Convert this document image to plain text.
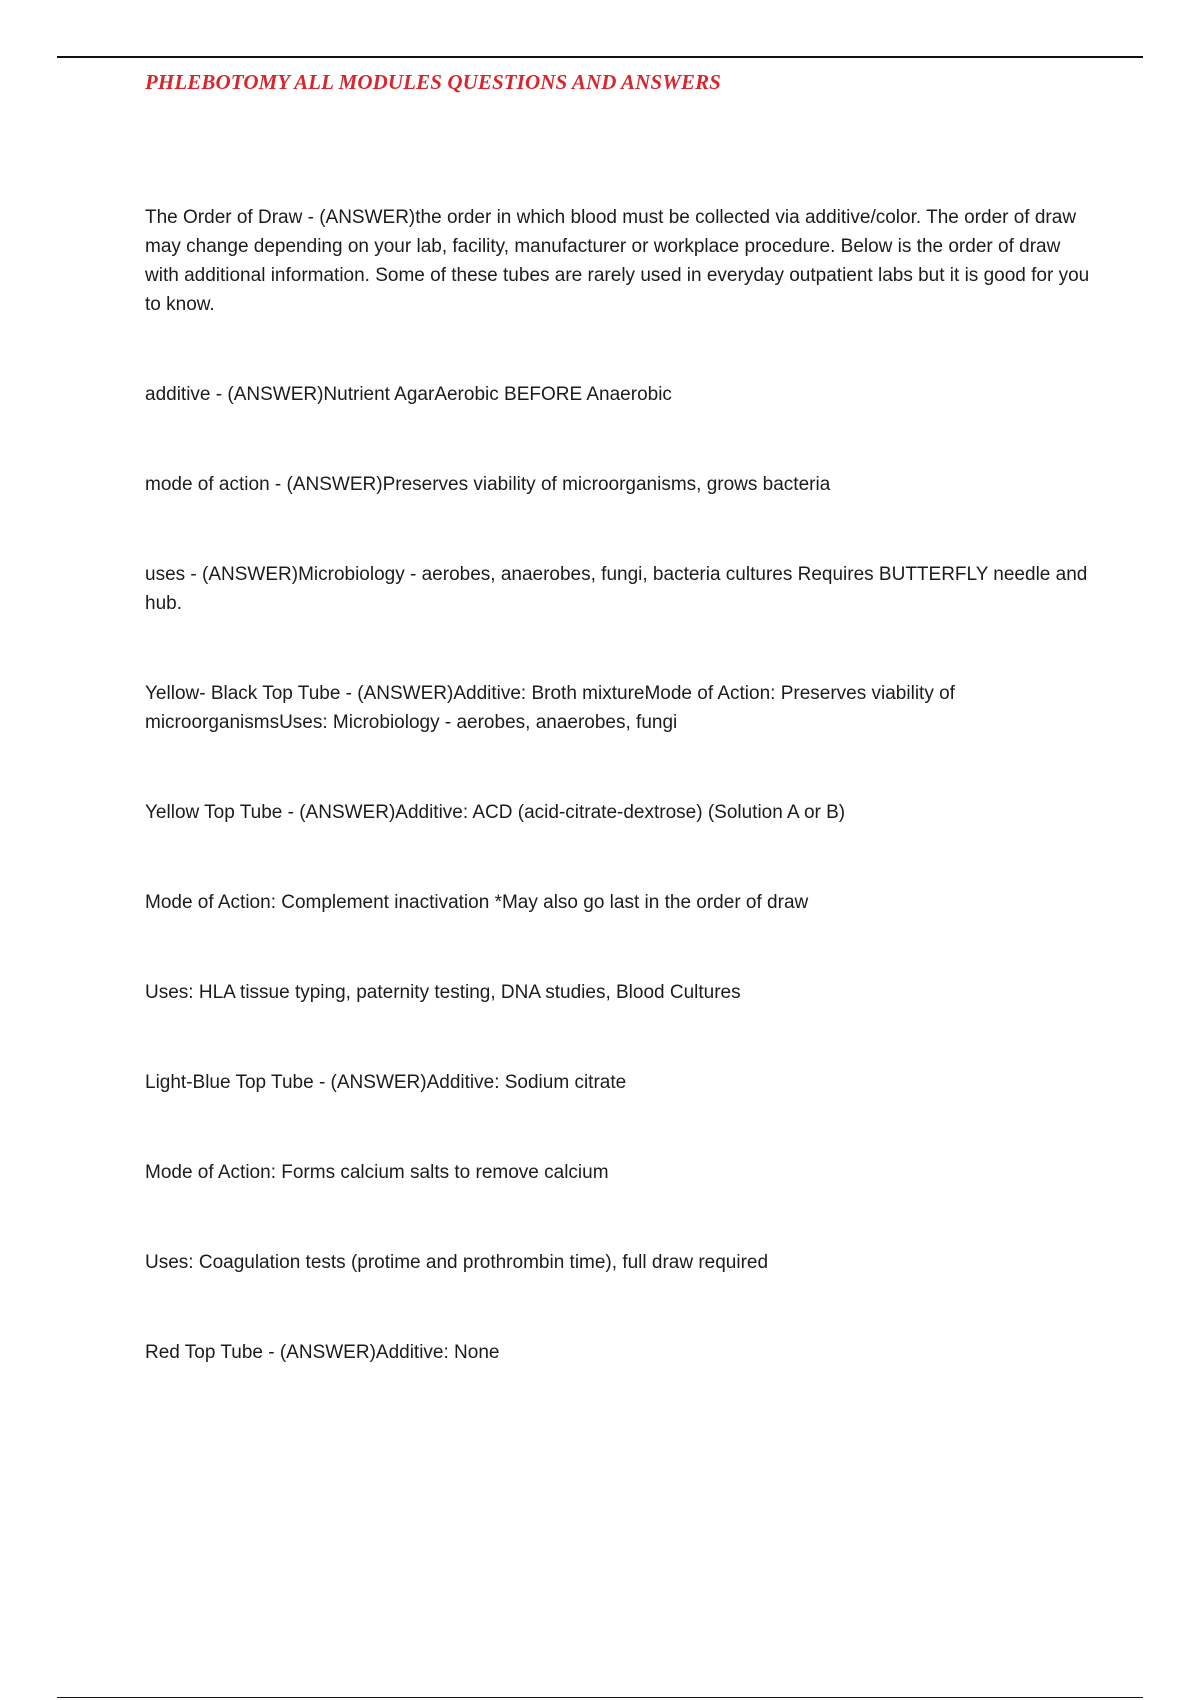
PHLEBOTOMY ALL MODULES QUESTIONS AND ANSWERS
The Order of Draw - (ANSWER)the order in which blood must be collected via additive/color. The order of draw may change depending on your lab, facility, manufacturer or workplace procedure. Below is the order of draw with additional information. Some of these tubes are rarely used in everyday outpatient labs but it is good for you to know.
additive - (ANSWER)Nutrient AgarAerobic BEFORE Anaerobic
mode of action - (ANSWER)Preserves viability of microorganisms, grows bacteria
uses - (ANSWER)Microbiology - aerobes, anaerobes, fungi, bacteria cultures Requires BUTTERFLY needle and hub.
Yellow- Black Top Tube - (ANSWER)Additive: Broth mixtureMode of Action: Preserves viability of microorganismsUses: Microbiology - aerobes, anaerobes, fungi
Yellow Top Tube - (ANSWER)Additive: ACD (acid-citrate-dextrose) (Solution A or B)
Mode of Action: Complement inactivation *May also go last in the order of draw
Uses: HLA tissue typing, paternity testing, DNA studies, Blood Cultures
Light-Blue Top Tube - (ANSWER)Additive: Sodium citrate
Mode of Action: Forms calcium salts to remove calcium
Uses: Coagulation tests (protime and prothrombin time), full draw required
Red Top Tube - (ANSWER)Additive: None
